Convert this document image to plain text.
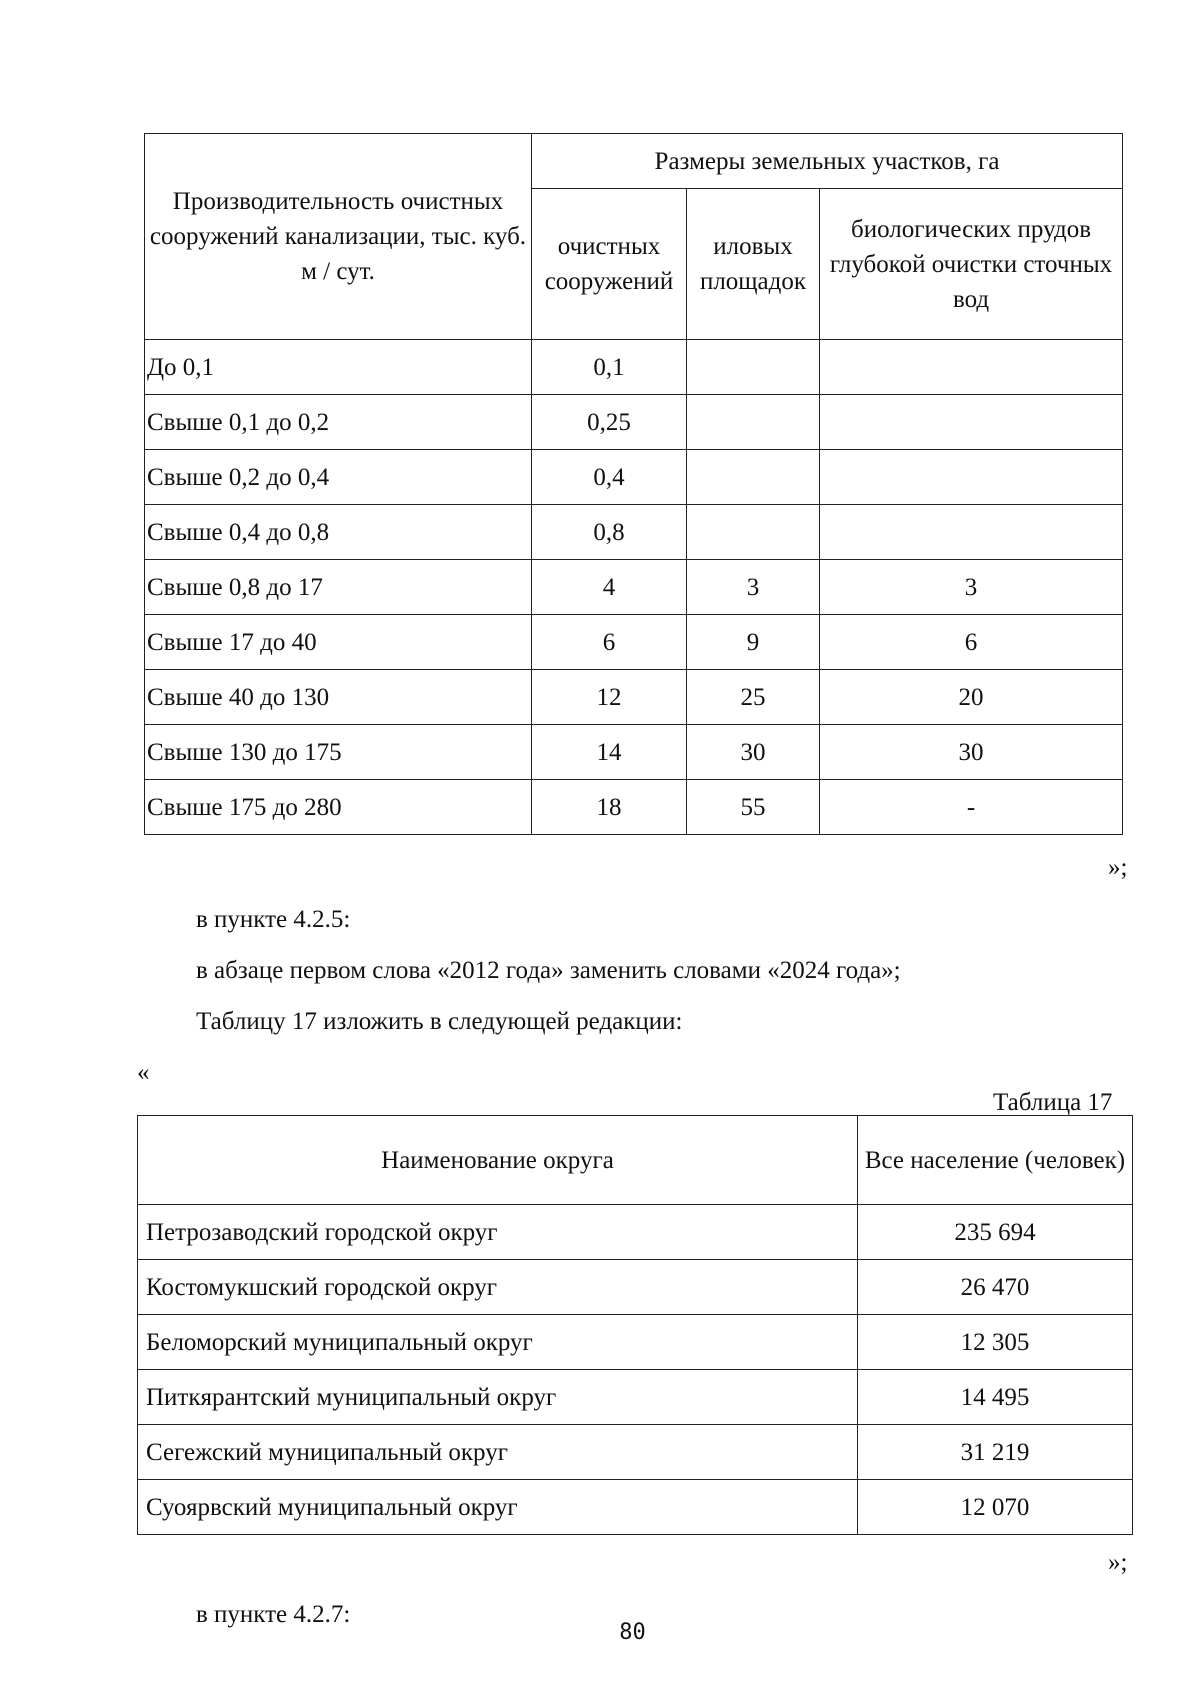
Производительность очистных сооружений канализации, тыс. куб. м / сут.	Размеры земельных участков, га		
	очистных сооружений	иловых площадок	биологических прудов глубокой очистки сточных вод
До 0,1	0,1		
Свыше 0,1 до 0,2	0,25		
Свыше 0,2 до 0,4	0,4		
Свыше 0,4 до 0,8	0,8		
Свыше 0,8 до 17	4	3	3
Свыше 17 до 40	6	9	6
Свыше 40 до 130	12	25	20
Свыше 130 до 175	14	30	30
Свыше 175 до 280	18	55	-
»;
в пункте 4.2.5:
в абзаце первом слова «2012 года» заменить словами «2024 года»;
Таблицу 17 изложить в следующей редакции:
«
Таблица 17
Наименование округа	Все население (человек)
Петрозаводский городской округ	235 694
Костомукшский городской округ	26 470
Беломорский муниципальный округ	12 305
Питкярантский муниципальный округ	14 495
Сегежский муниципальный округ	31 219
Суоярвский муниципальный округ	12 070
»;
в пункте 4.2.7:
80
